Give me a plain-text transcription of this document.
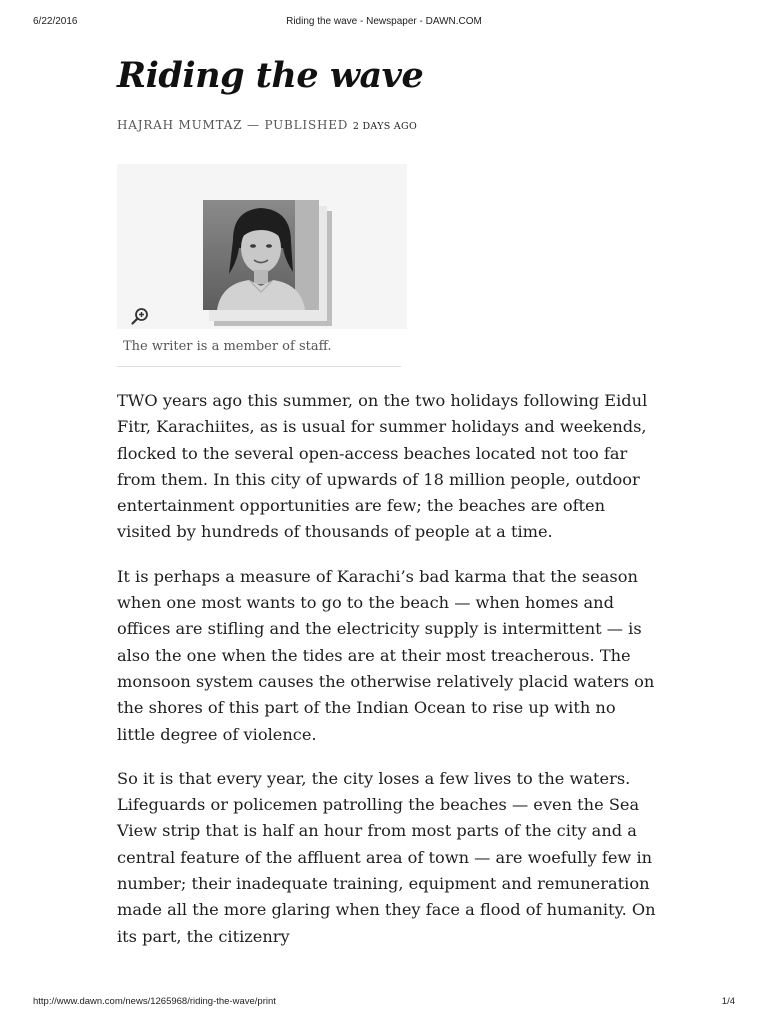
6/22/2016	Riding the wave - Newspaper - DAWN.COM
Riding the wave
HAJRAH MUMTAZ — PUBLISHED 2 DAYS AGO
The writer is a member of staff.

TWO years ago this summer, on the two holidays following Eidul Fitr, Karachiites, as is usual for summer holidays and weekends, flocked to the several open-access beaches located not too far from them. In this city of upwards of 18 million people, outdoor entertainment opportunities are few; the beaches are often visited by hundreds of thousands of people at a time.

It is perhaps a measure of Karachi’s bad karma that the season when one most wants to go to the beach — when homes and offices are stifling and the electricity supply is intermittent — is also the one when the tides are at their most treacherous. The monsoon system causes the otherwise relatively placid waters on the shores of this part of the Indian Ocean to rise up with no little degree of violence.

So it is that every year, the city loses a few lives to the waters. Lifeguards or policemen patrolling the beaches — even the Sea View strip that is half an hour from most parts of the city and a central feature of the affluent area of town — are woefully few in number; their inadequate training, equipment and remuneration made all the more glaring when they face a flood of humanity. On its part, the citizenry

http://www.dawn.com/news/1265968/riding-the-wave/print	1/4
